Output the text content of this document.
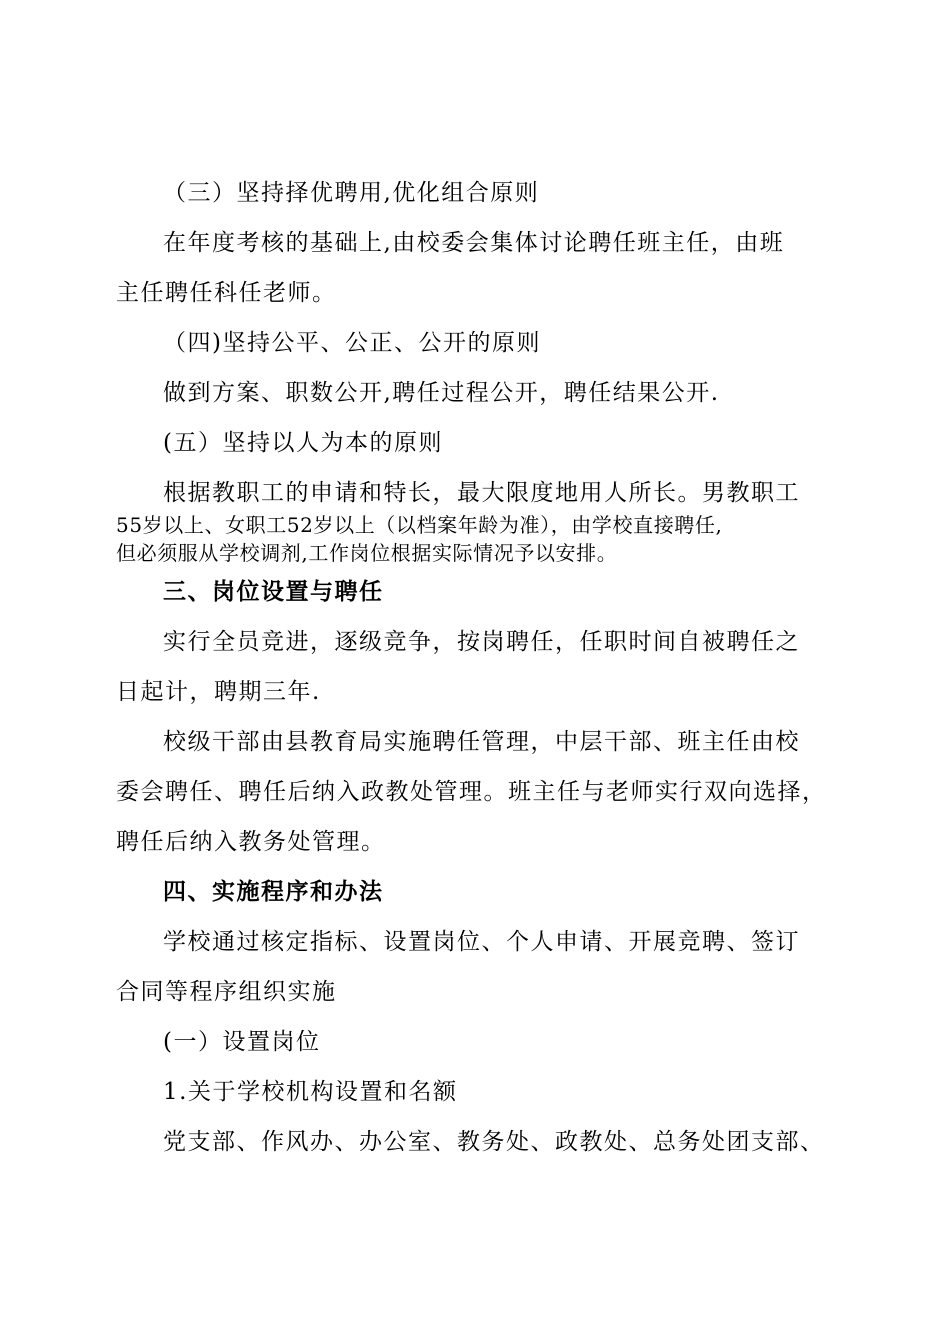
（三）坚持择优聘用,优化组合原则
在年度考核的基础上,由校委会集体讨论聘任班主任，由班
主任聘任科任老师。
（四)坚持公平、公正、公开的原则
做到方案、职数公开,聘任过程公开，聘任结果公开.
(五）坚持以人为本的原则
根据教职工的申请和特长，最大限度地用人所长。男教职工
55岁以上、女职工52岁以上（以档案年龄为准），由学校直接聘任,
但必须服从学校调剂,工作岗位根据实际情况予以安排。
三、岗位设置与聘任
实行全员竞进，逐级竞争，按岗聘任，任职时间自被聘任之
日起计，聘期三年.
校级干部由县教育局实施聘任管理，中层干部、班主任由校
委会聘任、聘任后纳入政教处管理。班主任与老师实行双向选择，
聘任后纳入教务处管理。
四、实施程序和办法
学校通过核定指标、设置岗位、个人申请、开展竞聘、签订
合同等程序组织实施
(一）设置岗位
1.关于学校机构设置和名额
党支部、作风办、办公室、教务处、政教处、总务处团支部、
